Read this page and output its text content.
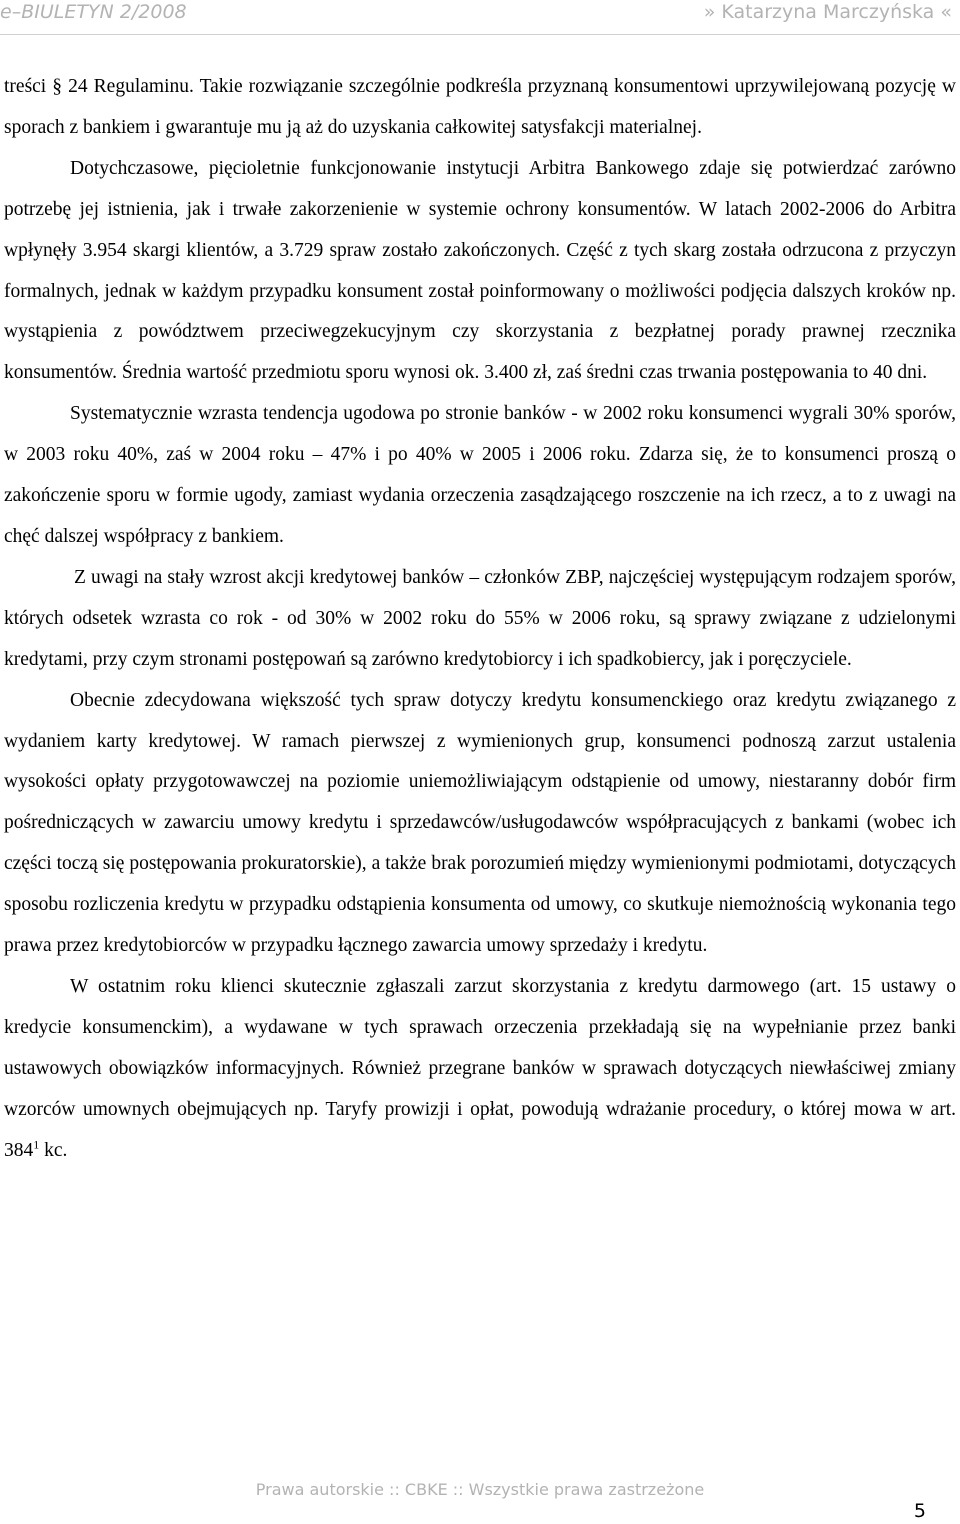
e–BIULETYN 2/2008	» Katarzyna Marczyńska «

treści § 24 Regulaminu. Takie rozwiązanie szczególnie podkreśla przyznaną konsumentowi uprzywilejowaną pozycję w sporach z bankiem i gwarantuje mu ją aż do uzyskania całkowitej satysfakcji materialnej.

Dotychczasowe, pięcioletnie funkcjonowanie instytucji Arbitra Bankowego zdaje się potwierdzać zarówno potrzebę jej istnienia, jak i trwałe zakorzenienie w systemie ochrony konsumentów. W latach 2002-2006 do Arbitra wpłynęły 3.954 skargi klientów, a 3.729 spraw zostało zakończonych. Część z tych skarg została odrzucona z przyczyn formalnych, jednak w każdym przypadku konsument został poinformowany o możliwości podjęcia dalszych kroków np. wystąpienia z powództwem przeciwegzekucyjnym czy skorzystania z bezpłatnej porady prawnej rzecznika konsumentów. Średnia wartość przedmiotu sporu wynosi ok. 3.400 zł, zaś średni czas trwania postępowania to 40 dni.

Systematycznie wzrasta tendencja ugodowa po stronie banków - w 2002 roku konsumenci wygrali 30% sporów, w 2003 roku 40%, zaś w 2004 roku – 47% i po 40% w 2005 i 2006 roku. Zdarza się, że to konsumenci proszą o zakończenie sporu w formie ugody, zamiast wydania orzeczenia zasądzającego roszczenie na ich rzecz, a to z uwagi na chęć dalszej współpracy z bankiem.

Z uwagi na stały wzrost akcji kredytowej banków – członków ZBP, najczęściej występującym rodzajem sporów, których odsetek wzrasta co rok - od 30% w 2002 roku do 55% w 2006 roku, są sprawy związane z udzielonymi kredytami, przy czym stronami postępowań są zarówno kredytobiorcy i ich spadkobiercy, jak i poręczyciele.

Obecnie zdecydowana większość tych spraw dotyczy kredytu konsumenckiego oraz kredytu związanego z wydaniem karty kredytowej. W ramach pierwszej z wymienionych grup, konsumenci podnoszą zarzut ustalenia wysokości opłaty przygotowawczej na poziomie uniemożliwiającym odstąpienie od umowy, niestaranny dobór firm pośredniczących w zawarciu umowy kredytu i sprzedawców/usługodawców współpracujących z bankami (wobec ich części toczą się postępowania prokuratorskie), a także brak porozumień między wymienionymi podmiotami, dotyczących sposobu rozliczenia kredytu w przypadku odstąpienia konsumenta od umowy, co skutkuje niemożnością wykonania tego prawa przez kredytobiorców w przypadku łącznego zawarcia umowy sprzedaży i kredytu.

W ostatnim roku klienci skutecznie zgłaszali zarzut skorzystania z kredytu darmowego (art. 15 ustawy o kredycie konsumenckim), a wydawane w tych sprawach orzeczenia przekładają się na wypełnianie przez banki ustawowych obowiązków informacyjnych. Również przegrane banków w sprawach dotyczących niewłaściwej zmiany wzorców umownych obejmujących np. Taryfy prowizji i opłat, powodują wdrażanie procedury, o której mowa w art. $384^1$ kc.

Prawa autorskie :: CBKE :: Wszystkie prawa zastrzeżone
5
